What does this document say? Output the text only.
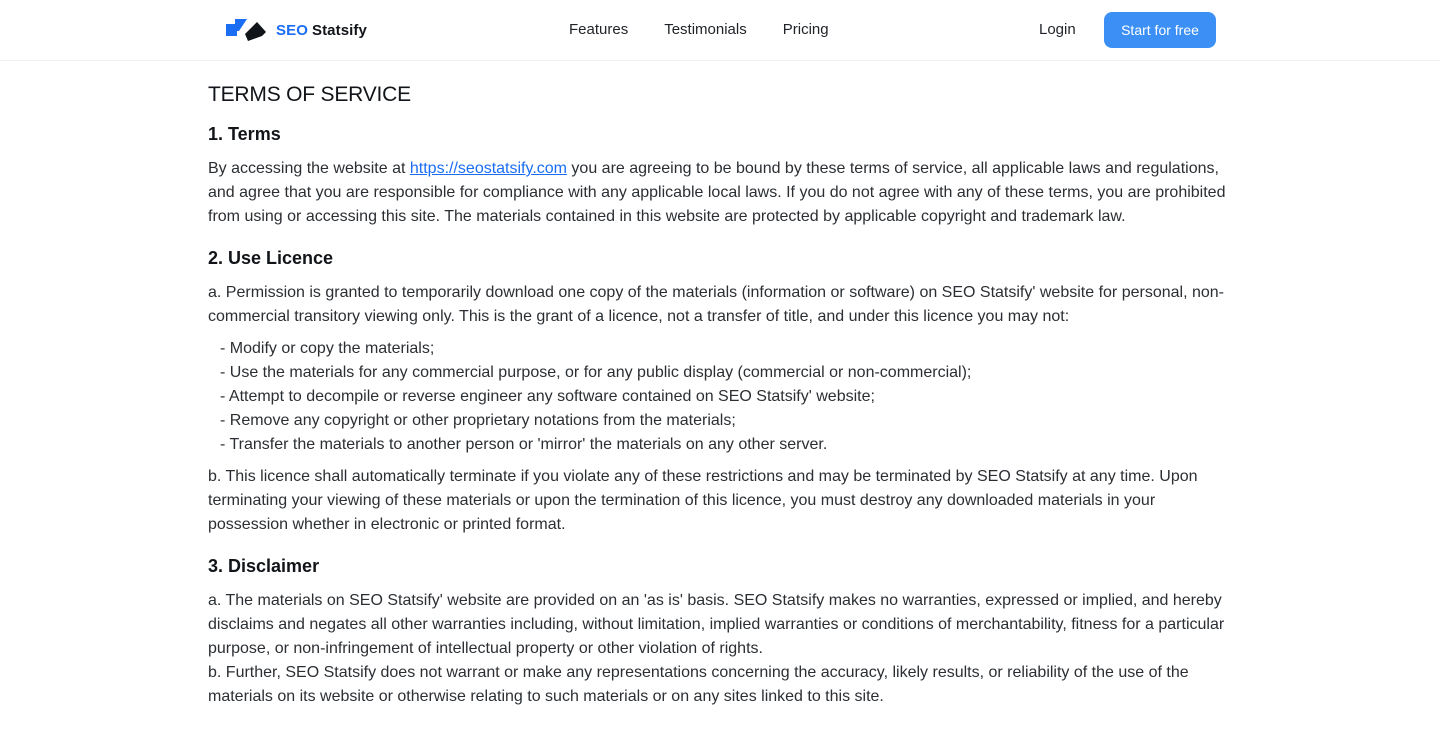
SEO Statsify	Features Testimonials Pricing	Login	Start for free
TERMS OF SERVICE
1. Terms

By accessing the website at https://seostatsify.com you are agreeing to be bound by these terms of service, all applicable laws and regulations, and agree that you are responsible for compliance with any applicable local laws. If you do not agree with any of these terms, you are prohibited from using or accessing this site. The materials contained in this website are protected by applicable copyright and trademark law.

2. Use Licence

a. Permission is granted to temporarily download one copy of the materials (information or software) on SEO Statsify' website for personal, non-commercial transitory viewing only. This is the grant of a licence, not a transfer of title, and under this licence you may not:

- Modify or copy the materials;
- Use the materials for any commercial purpose, or for any public display (commercial or non-commercial);
- Attempt to decompile or reverse engineer any software contained on SEO Statsify' website;
- Remove any copyright or other proprietary notations from the materials;
- Transfer the materials to another person or 'mirror' the materials on any other server.

b. This licence shall automatically terminate if you violate any of these restrictions and may be terminated by SEO Statsify at any time. Upon terminating your viewing of these materials or upon the termination of this licence, you must destroy any downloaded materials in your possession whether in electronic or printed format.

3. Disclaimer

a. The materials on SEO Statsify' website are provided on an 'as is' basis. SEO Statsify makes no warranties, expressed or implied, and hereby disclaims and negates all other warranties including, without limitation, implied warranties or conditions of merchantability, fitness for a particular purpose, or non-infringement of intellectual property or other violation of rights.

b. Further, SEO Statsify does not warrant or make any representations concerning the accuracy, likely results, or reliability of the use of the materials on its website or otherwise relating to such materials or on any sites linked to this site.
